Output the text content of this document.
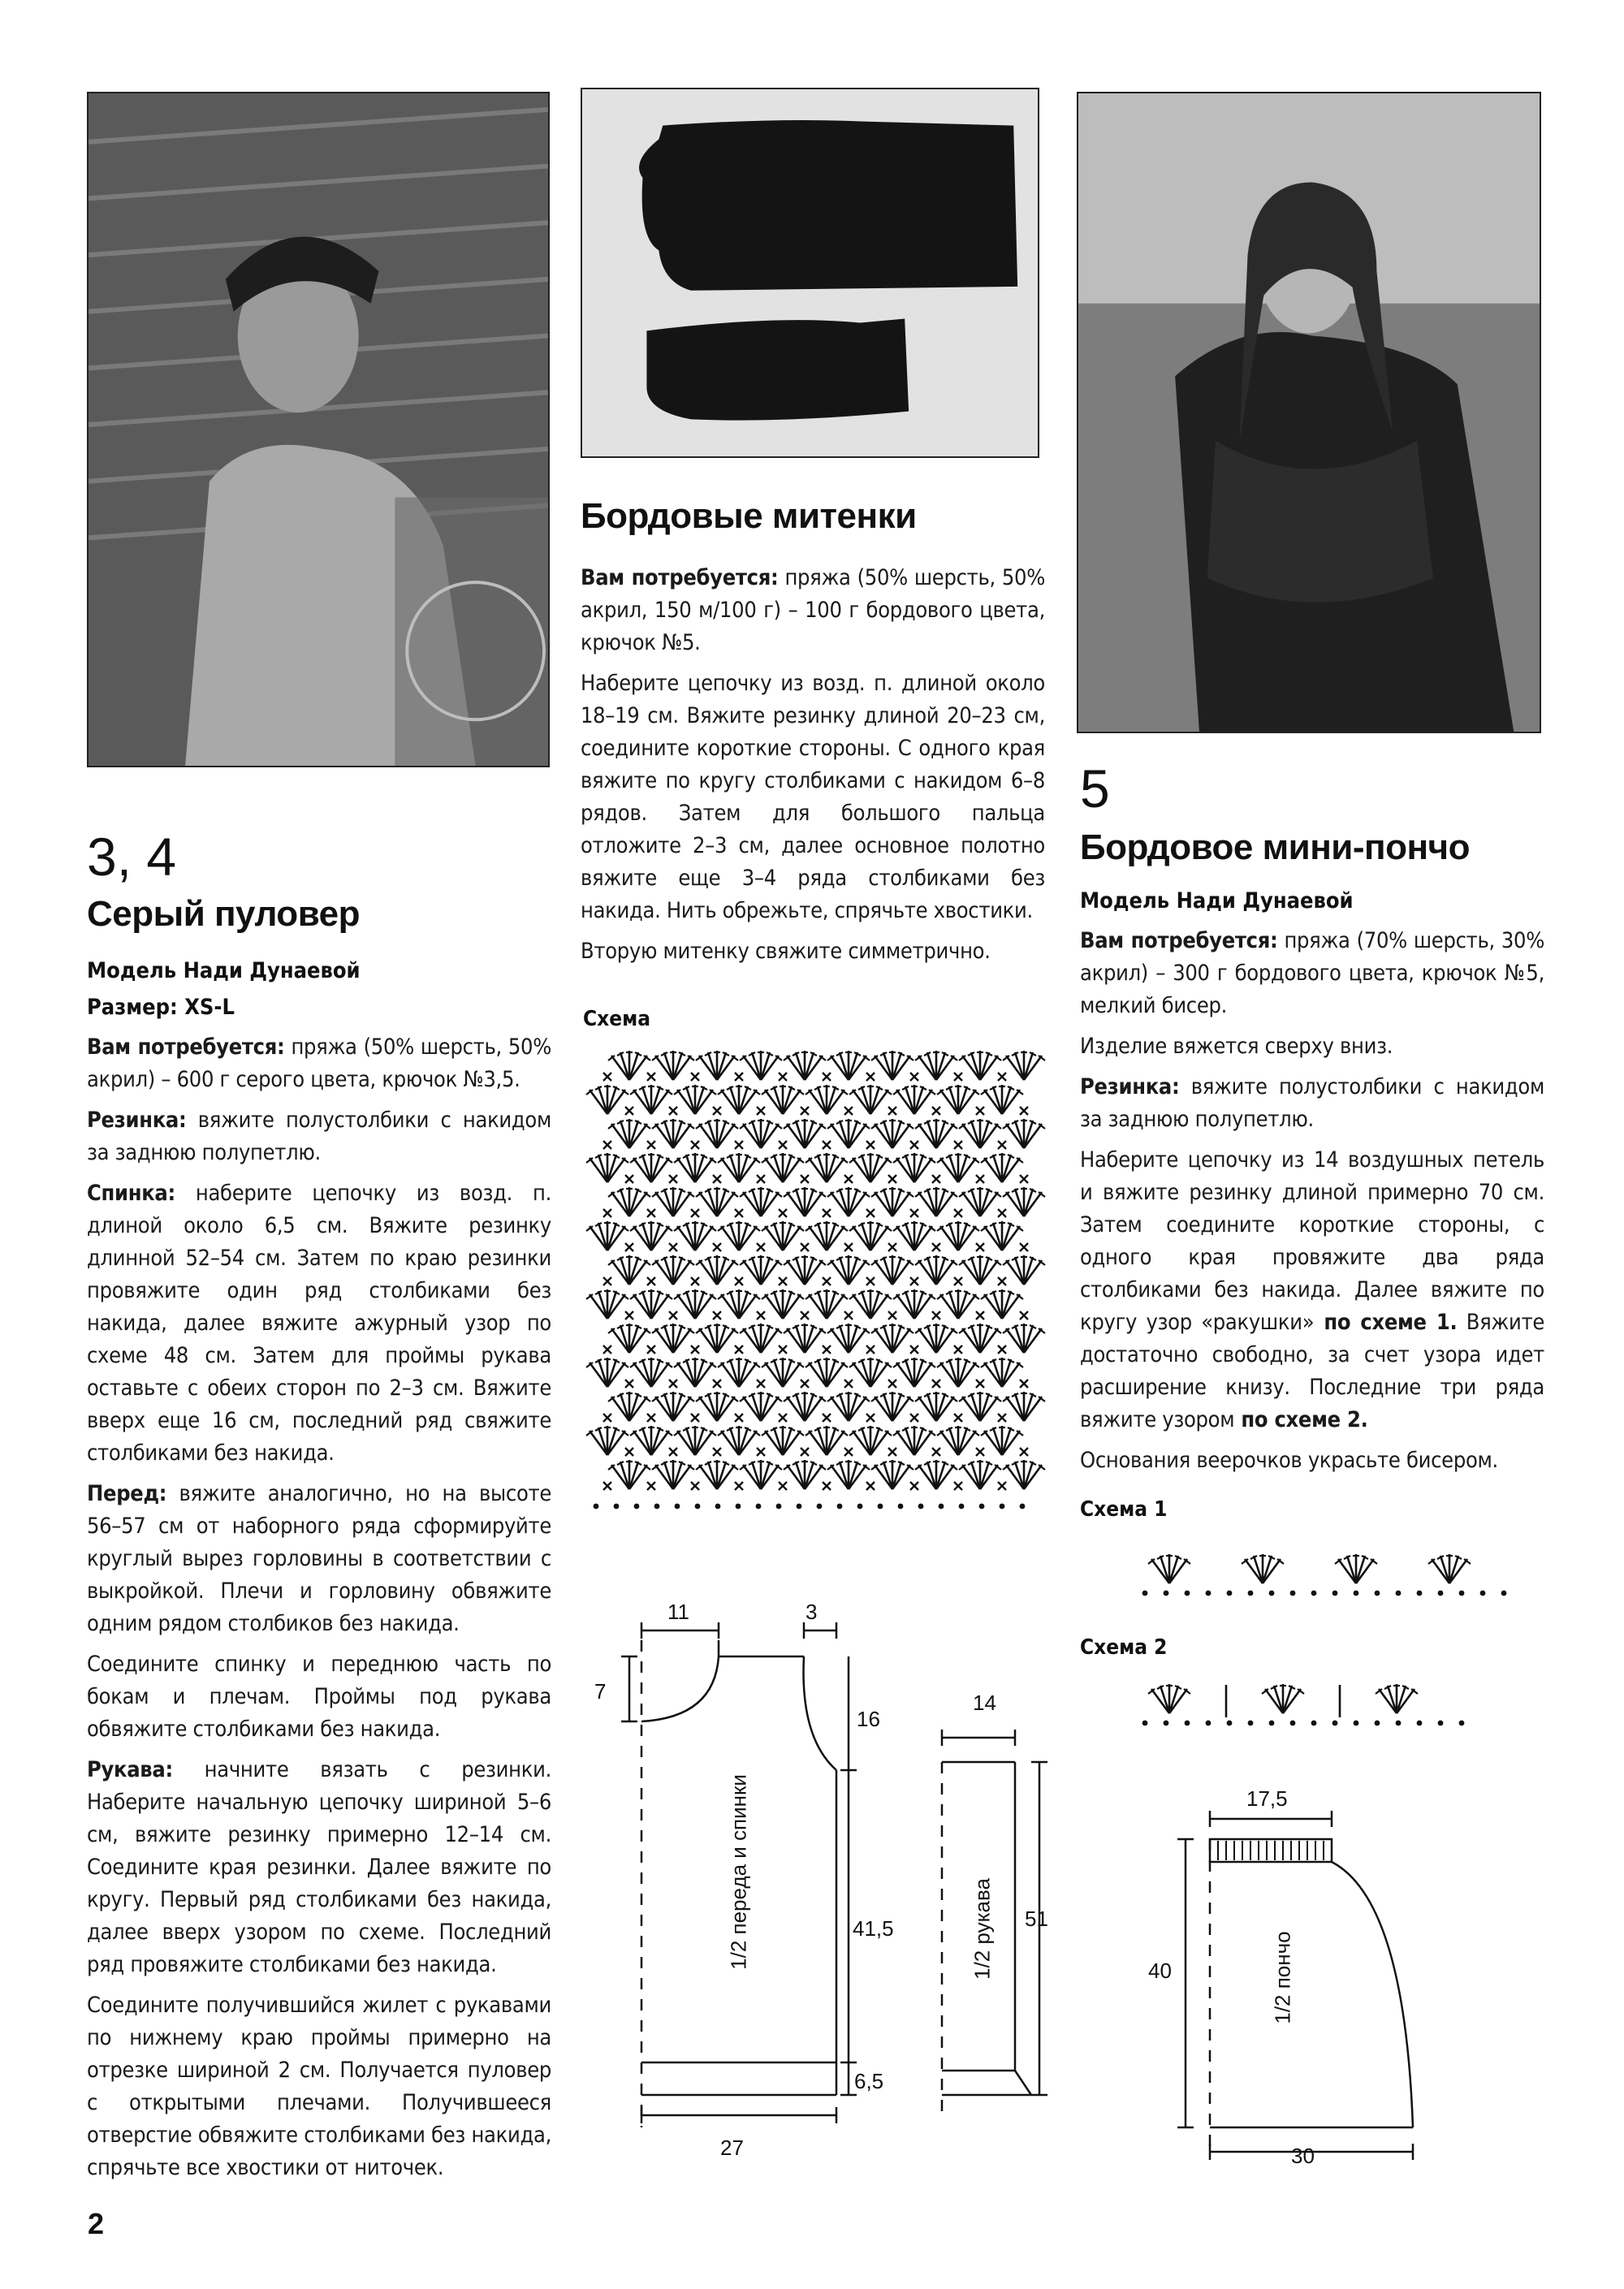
3, 4
Серый пуловер
Модель Нади Дунаевой
Размер: XS-L

Вам потребуется: пряжа (50% шерсть, 50% акрил) – 600 г серого цвета, крючок №3,5.

Резинка: вяжите полустолбики с накидом за заднюю полупетлю.

Спинка: наберите цепочку из возд. п. длиной около 6,5 см. Вяжите резинку длинной 52–54 см. Затем по краю резинки провяжите один ряд столбиками без накида, далее вяжите ажурный узор по схеме 48 см. Затем для проймы рукава оставьте с обеих сторон по 2–3 см. Вяжите вверх еще 16 см, последний ряд свяжите столбиками без накида.

Перед: вяжите аналогично, но на высоте 56–57 см от наборного ряда сформируйте круглый вырез горловины в соответствии с выкройкой. Плечи и горловину обвяжите одним рядом столбиков без накида.

Соедините спинку и переднюю часть по бокам и плечам. Проймы под рукава обвяжите столбиками без накида.

Рукава: начните вязать с резинки. Наберите начальную цепочку шириной 5–6 см, вяжите резинку примерно 12–14 см. Соедините края резинки. Далее вяжите по кругу. Первый ряд столбиками без накида, далее вверх узором по схеме. Последний ряд провяжите столбиками без накида.

Соедините получившийся жилет с рукавами по нижнему краю проймы примерно на отрезке шириной 2 см. Получается пуловер с открытыми плечами. Получившееся отверстие обвяжите столбиками без накида, спрячьте все хвостики от ниточек.

Бордовые митенки

Вам потребуется: пряжа (50% шерсть, 50% акрил, 150 м/100 г) – 100 г бордового цвета, крючок №5.

Наберите цепочку из возд. п. длиной около 18–19 см. Вяжите резинку длиной 20–23 см, соедините короткие стороны. С одного края вяжите по кругу столбиками с накидом 6–8 рядов. Затем для большого пальца отложите 2–3 см, далее основное полотно вяжите еще 3–4 ряда столбиками без накида. Нить обрежьте, спрячьте хвостики.

Вторую митенку свяжите симметрично.

Схема
5
Бордовое мини-пончо
Модель Нади Дунаевой

Вам потребуется: пряжа (70% шерсть, 30% акрил) – 300 г бордового цвета, крючок №5, мелкий бисер.

Изделие вяжется сверху вниз.

Резинка: вяжите полустолбики с накидом за заднюю полупетлю.

Наберите цепочку из 14 воздушных петель и вяжите резинку длиной примерно 70 см. Затем соедините короткие стороны, с одного края провяжите два ряда столбиками без накида. Далее вяжите по кругу узор «ракушки» по схеме 1. Вяжите достаточно свободно, за счет узора идет расширение книзу. Последние три ряда вяжите узором по схеме 2.

Основания веерочков украсьте бисером.

Схема 1
Схема 2
11	3
7
16
41,5
6,5
27
1/2 переда и спинки
14
51
1/2 рукава
17,5
40
30
1/2 пончо
2
